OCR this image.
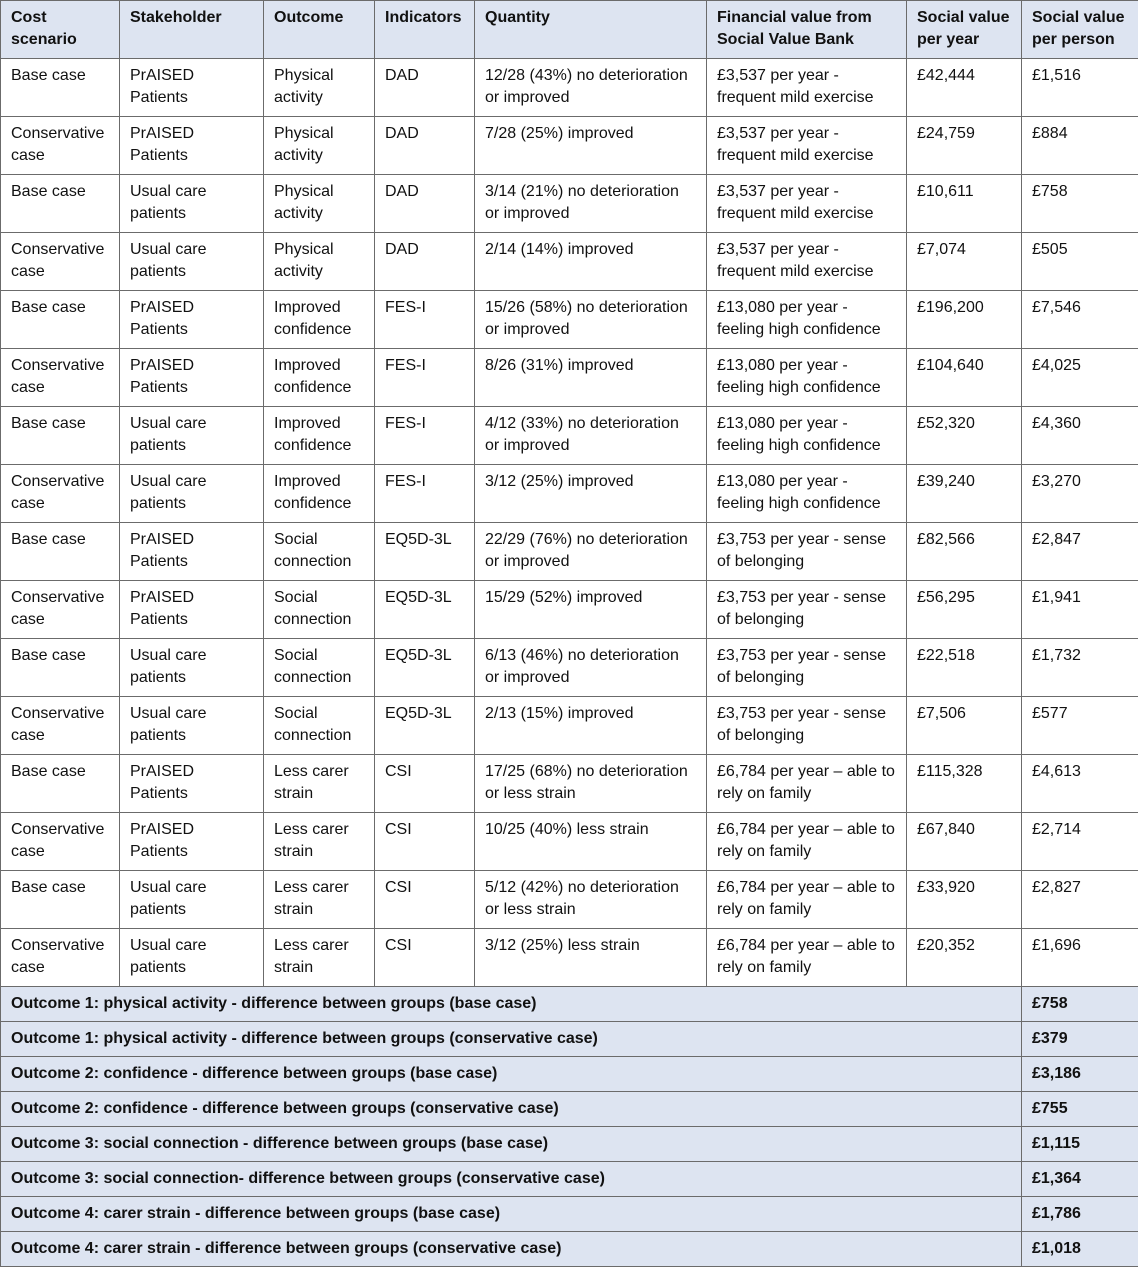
Cost scenario	Stakeholder	Outcome	Indicators	Quantity	Financial value from Social Value Bank	Social value per year	Social value per person
Base case	PrAISED Patients	Physical activity	DAD	12/28 (43%) no deterioration or improved	£3,537 per year - frequent mild exercise	£42,444	£1,516
Conservative case	PrAISED Patients	Physical activity	DAD	7/28 (25%) improved	£3,537 per year - frequent mild exercise	£24,759	£884
Base case	Usual care patients	Physical activity	DAD	3/14 (21%) no deterioration or improved	£3,537 per year - frequent mild exercise	£10,611	£758
Conservative case	Usual care patients	Physical activity	DAD	2/14 (14%) improved	£3,537 per year - frequent mild exercise	£7,074	£505
Base case	PrAISED Patients	Improved confidence	FES-I	15/26 (58%) no deterioration or improved	£13,080 per year - feeling high confidence	£196,200	£7,546
Conservative case	PrAISED Patients	Improved confidence	FES-I	8/26 (31%) improved	£13,080 per year - feeling high confidence	£104,640	£4,025
Base case	Usual care patients	Improved confidence	FES-I	4/12 (33%) no deterioration or improved	£13,080 per year - feeling high confidence	£52,320	£4,360
Conservative case	Usual care patients	Improved confidence	FES-I	3/12 (25%) improved	£13,080 per year - feeling high confidence	£39,240	£3,270
Base case	PrAISED Patients	Social connection	EQ5D-3L	22/29 (76%) no deterioration or improved	£3,753 per year - sense of belonging	£82,566	£2,847
Conservative case	PrAISED Patients	Social connection	EQ5D-3L	15/29 (52%) improved	£3,753 per year - sense of belonging	£56,295	£1,941
Base case	Usual care patients	Social connection	EQ5D-3L	6/13 (46%) no deterioration or improved	£3,753 per year - sense of belonging	£22,518	£1,732
Conservative case	Usual care patients	Social connection	EQ5D-3L	2/13 (15%) improved	£3,753 per year - sense of belonging	£7,506	£577
Base case	PrAISED Patients	Less carer strain	CSI	17/25 (68%) no deterioration or less strain	£6,784 per year – able to rely on family	£115,328	£4,613
Conservative case	PrAISED Patients	Less carer strain	CSI	10/25 (40%) less strain	£6,784 per year – able to rely on family	£67,840	£2,714
Base case	Usual care patients	Less carer strain	CSI	5/12 (42%) no deterioration or less strain	£6,784 per year – able to rely on family	£33,920	£2,827
Conservative case	Usual care patients	Less carer strain	CSI	3/12 (25%) less strain	£6,784 per year – able to rely on family	£20,352	£1,696
Outcome 1: physical activity - difference between groups (base case)							£758
Outcome 1: physical activity - difference between groups (conservative case)							£379
Outcome 2: confidence - difference between groups (base case)							£3,186
Outcome 2: confidence - difference between groups (conservative case)							£755
Outcome 3: social connection - difference between groups (base case)							£1,115
Outcome 3: social connection- difference between groups (conservative case)							£1,364
Outcome 4: carer strain - difference between groups (base case)							£1,786
Outcome 4: carer strain - difference between groups (conservative case)							£1,018
